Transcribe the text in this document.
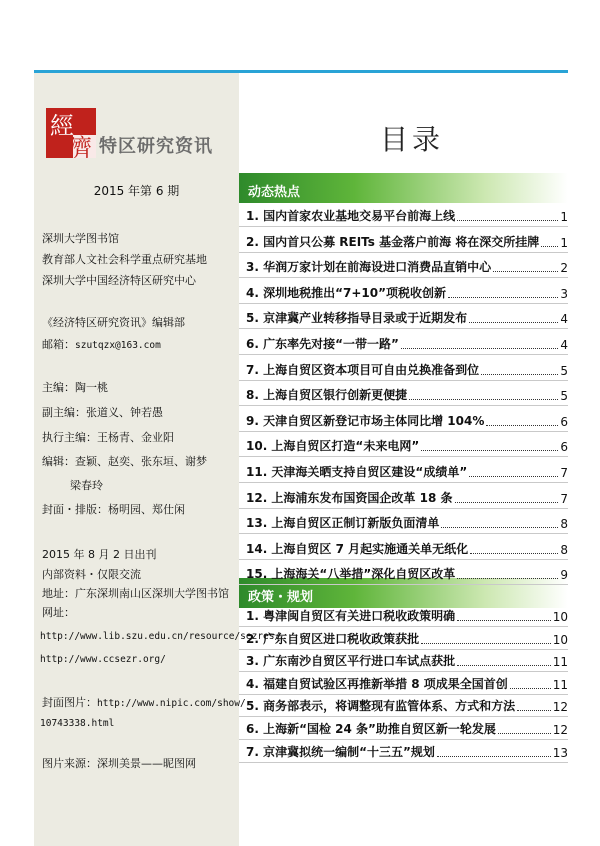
經
濟 特区研究资讯	目录
2015 年第 6 期
深圳大学图书馆
教育部人文社会科学重点研究基地
深圳大学中国经济特区研究中心
《经济特区研究资讯》编辑部
邮箱：szutqzx@163.com
主编：陶一桃
副主编：张道义、钟若愚
执行主编：王杨青、金业阳
编辑：查颖、赵奕、张东垣、谢梦
梁春玲
封面・排版：杨明园、郑仕闲
2015 年 8 月 2 日出刊
内部资料・仅限交流
地址：广东深圳南山区深圳大学图书馆
网址：
http://www.lib.szu.edu.cn/resource/sezres/
http://www.ccsezr.org/
封面图片：http://www.nipic.com/show/
10743338.html
图片来源：深圳美景——昵图网
动态热点
政策・规划
1. 国内首家农业基地交易平台前海上线	1
2. 国内首只公募 REITs 基金落户前海 将在深交所挂牌 1
3. 华润万家计划在前海设进口消费品直销中心	2
4. 深圳地税推出“7+10”项税收创新	3
5. 京津冀产业转移指导目录或于近期发布	4
6. 广东率先对接“一带一路”	4
7. 上海自贸区资本项目可自由兑换准备到位	5
8. 上海自贸区银行创新更便捷	5
9. 天津自贸区新登记市场主体同比增 104%	6
10. 上海自贸区打造“未来电网”	6
11. 天津海关晒支持自贸区建设“成绩单”	7
12. 上海浦东发布国资国企改革 18 条	7
13. 上海自贸区正制订新版负面清单	8
14. 上海自贸区 7 月起实施通关单无纸化	8
15. 上海海关“八举措”深化自贸区改革	9
1. 粤津闽自贸区有关进口税收政策明确	10
2. 广东自贸区进口税收政策获批	10
3. 广东南沙自贸区平行进口车试点获批	11
4. 福建自贸试验区再推新举措 8 项成果全国首创	11
5. 商务部表示，将调整现有监管体系、方式和方法	12
6. 上海新“国检 24 条”助推自贸区新一轮发展	12
7. 京津冀拟统一编制“十三五”规划	13
